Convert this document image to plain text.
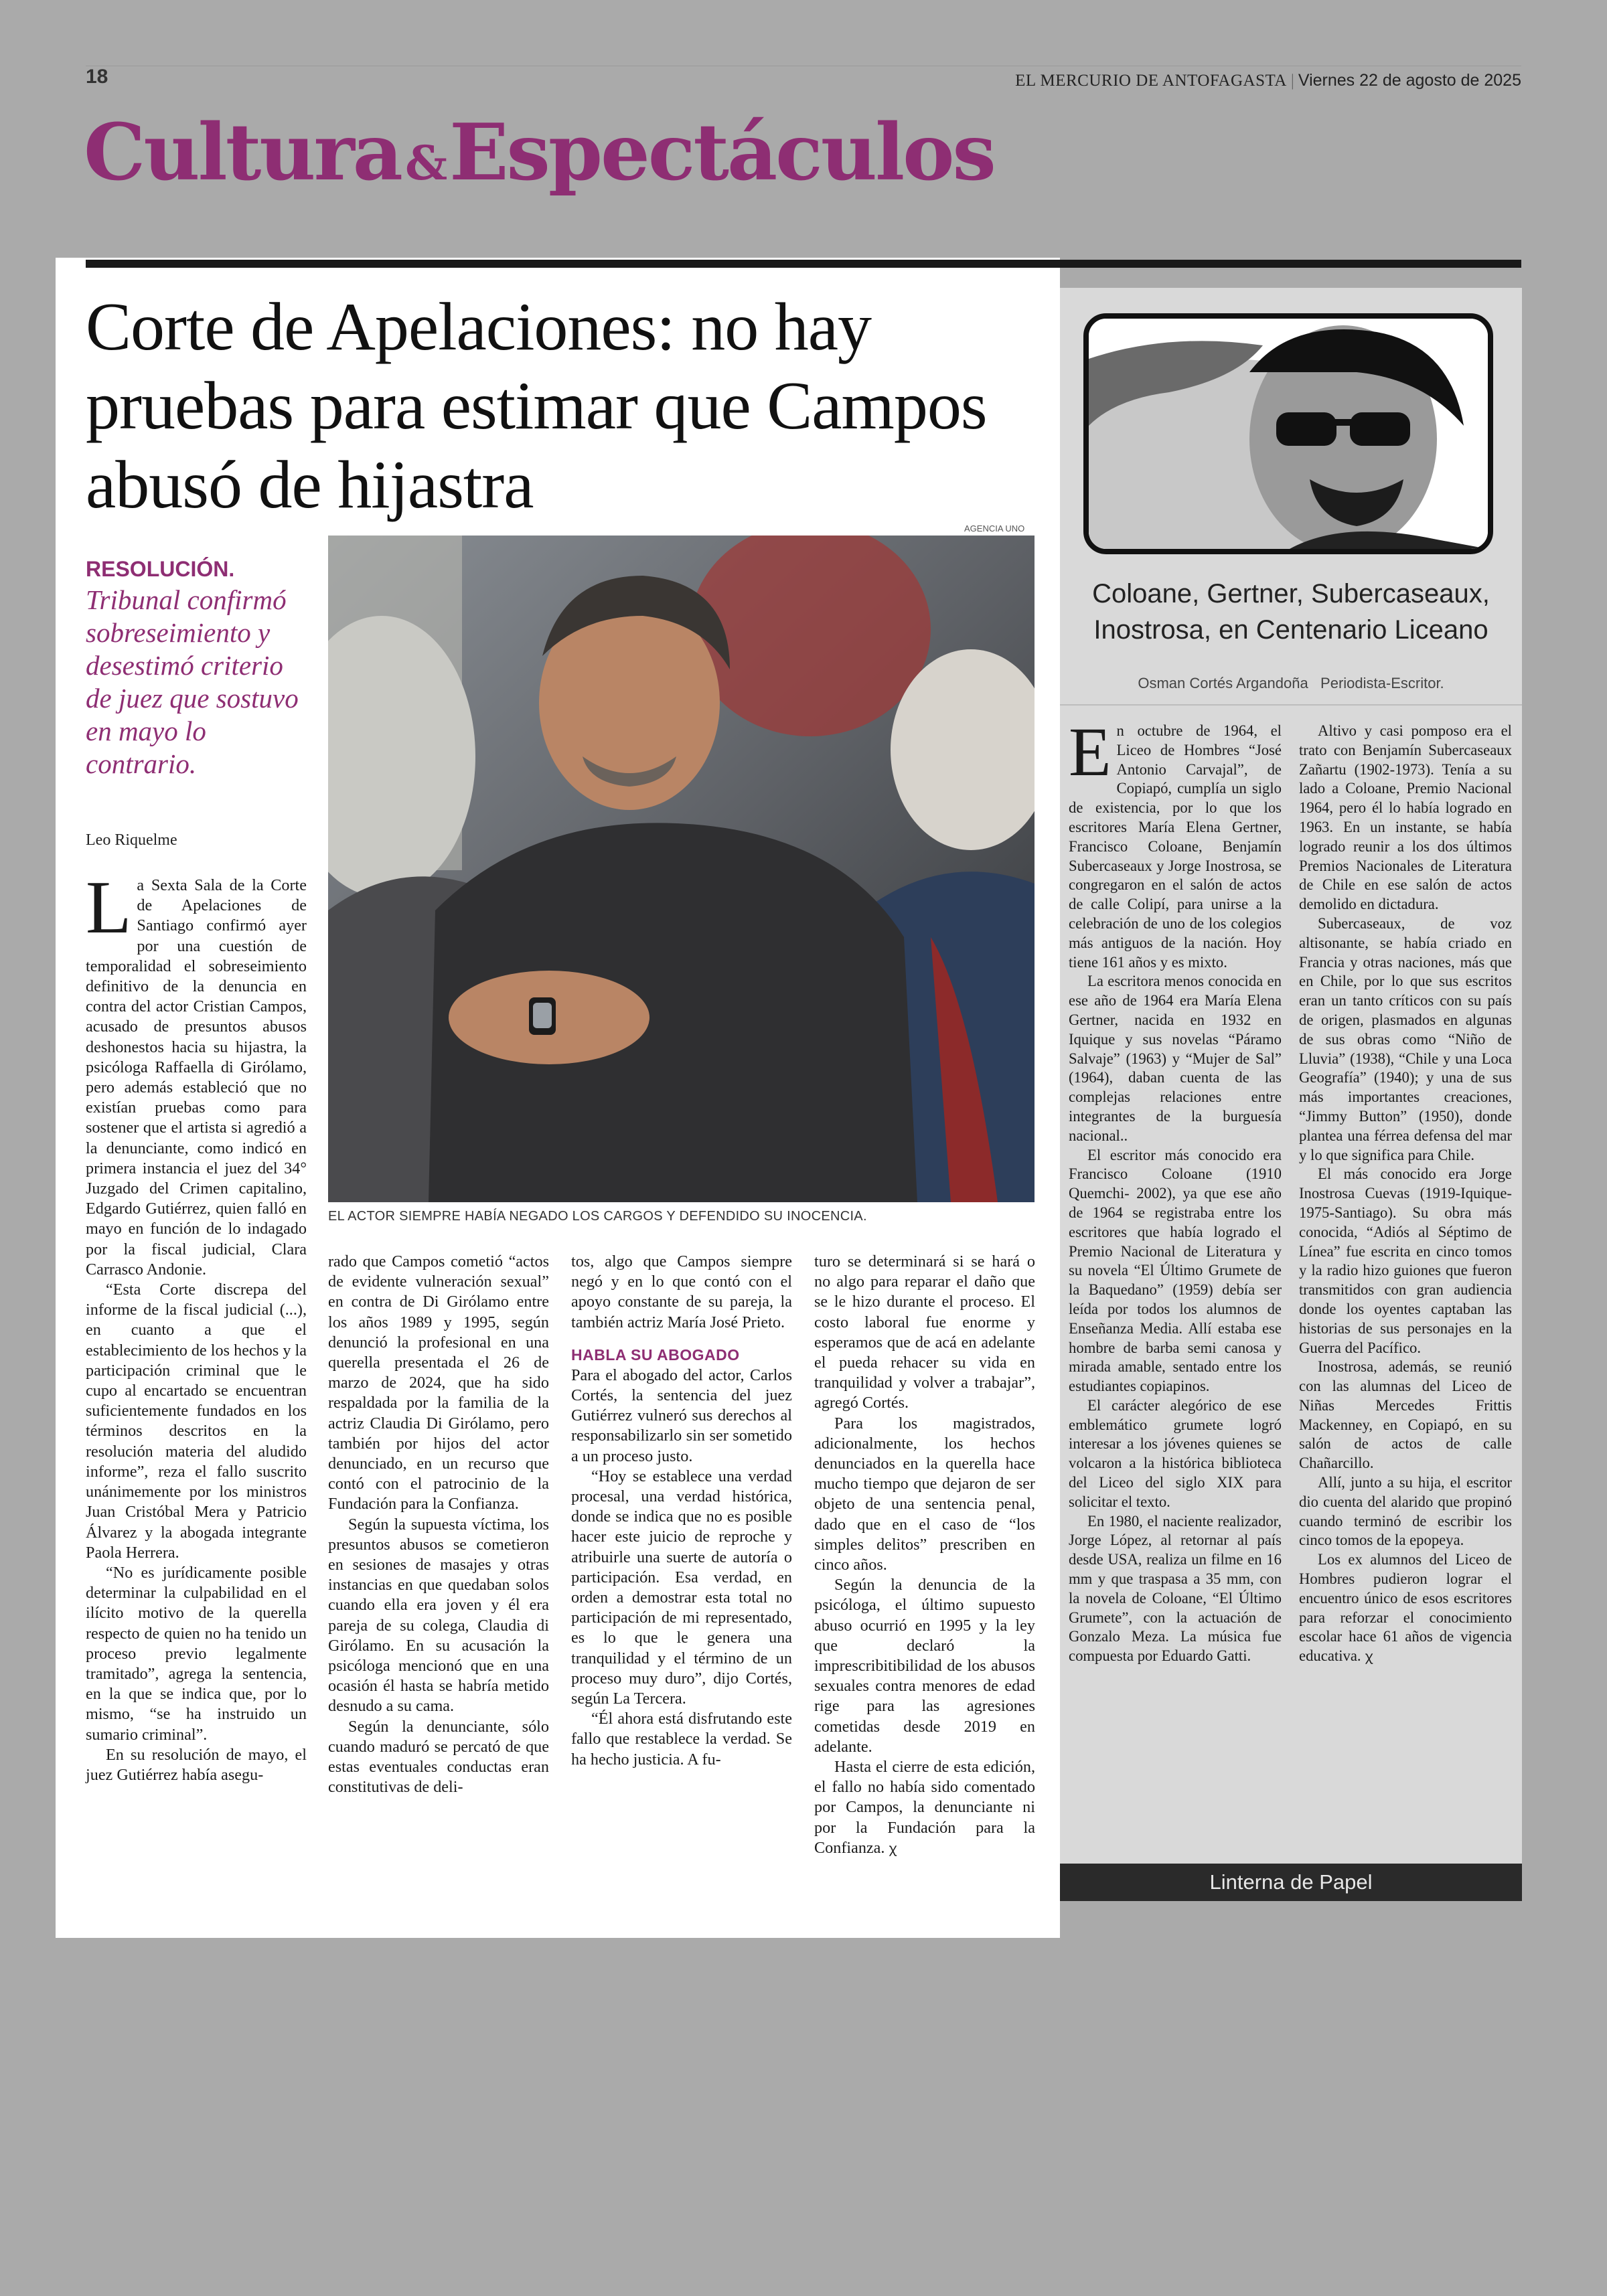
18	EL MERCURIO DE ANTOFAGASTA | Viernes 22 de agosto de 2025
Cultura&Espectáculos
Corte de Apelaciones: no hay pruebas para estimar que Campos abusó de hijastra
AGENCIA UNO
EL ACTOR SIEMPRE HABÍA NEGADO LOS CARGOS Y DEFENDIDO SU INOCENCIA.
RESOLUCIÓN.
Tribunal confirmó sobreseimiento y desestimó criterio de juez que sostuvo en mayo lo contrario.
Leo Riquelme

La Sexta Sala de la Corte de Apelaciones de Santiago confirmó ayer por una cuestión de temporalidad el sobreseimiento definitivo de la denuncia en contra del actor Cristian Campos, acusado de presuntos abusos deshonestos hacia su hijastra, la psicóloga Raffaella di Girólamo, pero además estableció que no existían pruebas como para sostener que el artista si agredió a la denunciante, como indicó en primera instancia el juez del 34° Juzgado del Crimen capitalino, Edgardo Gutiérrez, quien falló en mayo en función de lo indagado por la fiscal judicial, Clara Carrasco Andonie.

“Esta Corte discrepa del informe de la fiscal judicial (...), en cuanto a que el establecimiento de los hechos y la participación criminal que le cupo al encartado se encuentran suficientemente fundados en los términos descritos en la resolución materia del aludido informe”, reza el fallo suscrito unánimemente por los ministros Juan Cristóbal Mera y Patricio Álvarez y la abogada integrante Paola Herrera.

“No es jurídicamente posible determinar la culpabilidad en el ilícito motivo de la querella respecto de quien no ha tenido un proceso previo legalmente tramitado”, agrega la sentencia, en la que se indica que, por lo mismo, “se ha instruido un sumario criminal”.

En su resolución de mayo, el juez Gutiérrez había asegu-

rado que Campos cometió “actos de evidente vulneración sexual” en contra de Di Girólamo entre los años 1989 y 1995, según denunció la profesional en una querella presentada el 26 de marzo de 2024, que ha sido respaldada por la familia de la actriz Claudia Di Girólamo, pero también por hijos del actor denunciado, en un recurso que contó con el patrocinio de la Fundación para la Confianza.

Según la supuesta víctima, los presuntos abusos se cometieron en sesiones de masajes y otras instancias en que quedaban solos cuando ella era joven y él era pareja de su colega, Claudia di Girólamo. En su acusación la psicóloga mencionó que en una ocasión él hasta se habría metido desnudo a su cama.

Según la denunciante, sólo cuando maduró se percató de que estas eventuales conductas eran constitutivas de deli-

tos, algo que Campos siempre negó y en lo que contó con el apoyo constante de su pareja, la también actriz María José Prieto.

HABLA SU ABOGADO

Para el abogado del actor, Carlos Cortés, la sentencia del juez Gutiérrez vulneró sus derechos al responsabilizarlo sin ser sometido a un proceso justo.

“Hoy se establece una verdad procesal, una verdad histórica, donde se indica que no es posible hacer este juicio de reproche y atribuirle una suerte de autoría o participación. Esa verdad, en orden a demostrar esta total no participación de mi representado, es lo que le genera una tranquilidad y el término de un proceso muy duro”, dijo Cortés, según La Tercera.

“Él ahora está disfrutando este fallo que restablece la verdad. Se ha hecho justicia. A fu-

turo se determinará si se hará o no algo para reparar el daño que se le hizo durante el proceso. El costo laboral fue enorme y esperamos que de acá en adelante el pueda rehacer su vida en tranquilidad y volver a trabajar”, agregó Cortés.

Para los magistrados, adicionalmente, los hechos denunciados en la querella hace mucho tiempo que dejaron de ser objeto de una sentencia penal, dado que en el caso de “los simples delitos” prescriben en cinco años.

Según la denuncia de la psicóloga, el último supuesto abuso ocurrió en 1995 y la ley que declaró la imprescribitibilidad de los abusos sexuales contra menores de edad rige para las agresiones cometidas desde 2019 en adelante.

Hasta el cierre de esta edición, el fallo no había sido comentado por Campos, la denunciante ni por la Fundación para la Confianza. ꭓ

Coloane, Gertner, Subercaseaux, Inostrosa, en Centenario Liceano
Osman Cortés Argandoña Periodista-Escritor.

En octubre de 1964, el Liceo de Hombres “José Antonio Carvajal”, de Copiapó, cumplía un siglo de existencia, por lo que los escritores María Elena Gertner, Francisco Coloane, Benjamín Subercaseaux y Jorge Inostrosa, se congregaron en el salón de actos de calle Colipí, para unirse a la celebración de uno de los colegios más antiguos de la nación. Hoy tiene 161 años y es mixto.

La escritora menos conocida en ese año de 1964 era María Elena Gertner, nacida en 1932 en Iquique y sus novelas “Páramo Salvaje” (1963) y “Mujer de Sal” (1964), daban cuenta de las complejas relaciones entre integrantes de la burguesía nacional..

El escritor más conocido era Francisco Coloane (1910 Quemchi- 2002), ya que ese año de 1964 se registraba entre los escritores que había logrado el Premio Nacional de Literatura y su novela “El Último Grumete de la Baquedano” (1959) debía ser leída por todos los alumnos de Enseñanza Media. Allí estaba ese hombre de barba semi canosa y mirada amable, sentado entre los estudiantes copiapinos.

El carácter alegórico de ese emblemático grumete logró interesar a los jóvenes quienes se volcaron a la histórica biblioteca del Liceo del siglo XIX para solicitar el texto.

En 1980, el naciente realizador, Jorge López, al retornar al país desde USA, realiza un filme en 16 mm y que traspasa a 35 mm, con la novela de Coloane, “El Último Grumete”, con la actuación de Gonzalo Meza. La música fue compuesta por Eduardo Gatti.

Altivo y casi pomposo era el trato con Benjamín Subercaseaux Zañartu (1902-1973). Tenía a su lado a Coloane, Premio Nacional 1964, pero él lo había logrado en 1963. En un instante, se había logrado reunir a los dos últimos Premios Nacionales de Literatura de Chile en ese salón de actos demolido en dictadura.

Subercaseaux, de voz altisonante, se había criado en Francia y otras naciones, más que en Chile, por lo que sus escritos eran un tanto críticos con su país de origen, plasmados en algunas de sus obras como “Niño de Lluvia” (1938), “Chile y una Loca Geografía” (1940); y una de sus más importantes creaciones, “Jimmy Button” (1950), donde plantea una férrea defensa del mar y lo que significa para Chile.

El más conocido era Jorge Inostrosa Cuevas (1919-Iquique-1975-Santiago). Su obra más conocida, “Adiós al Séptimo de Línea” fue escrita en cinco tomos y la radio hizo guiones que fueron transmitidos con gran audiencia donde los oyentes captaban las historias de sus personajes en la Guerra del Pacífico.

Inostrosa, además, se reunió con las alumnas del Liceo de Niñas Mercedes Frittis Mackenney, en Copiapó, en su salón de actos de calle Chañarcillo.

Allí, junto a su hija, el escritor dio cuenta del alarido que propinó cuando terminó de escribir los cinco tomos de la epopeya.

Los ex alumnos del Liceo de Hombres pudieron lograr el encuentro único de esos escritores para reforzar el conocimiento escolar hace 61 años de vigencia educativa. ꭓ

Linterna de Papel
